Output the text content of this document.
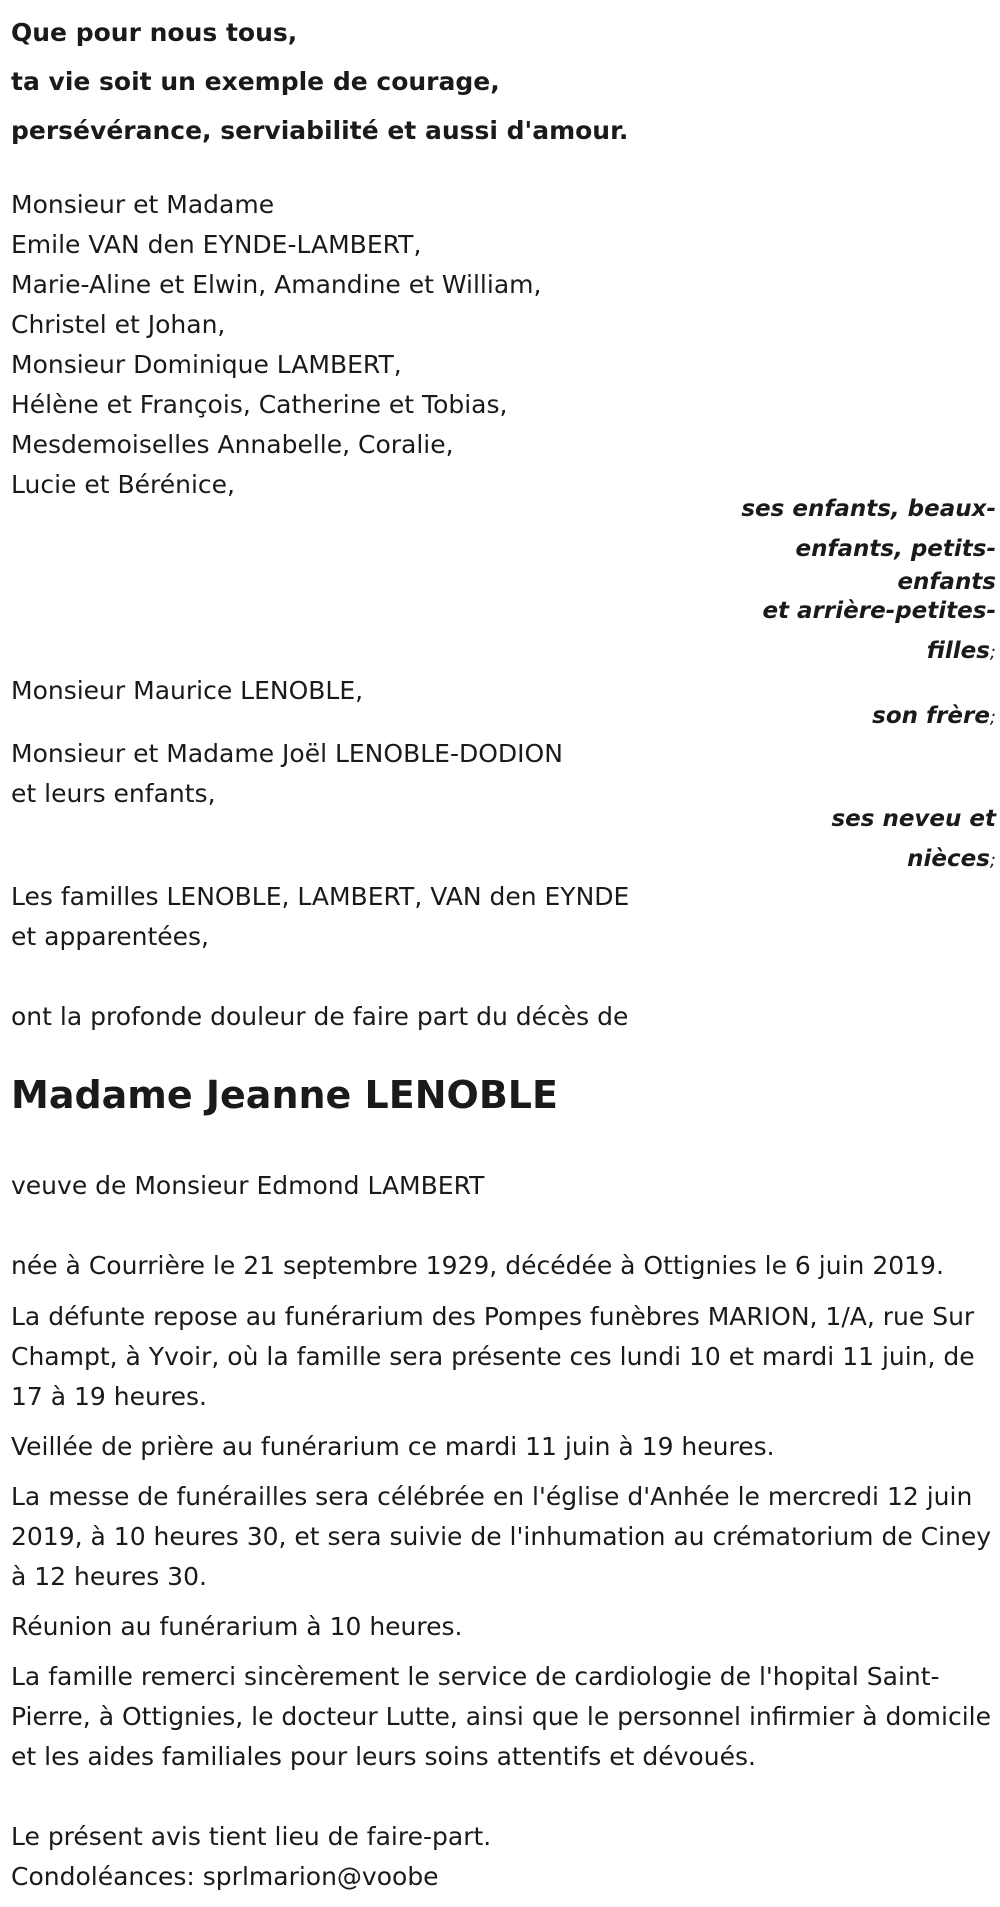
Que pour nous tous,
ta vie soit un exemple de courage,
persévérance, serviabilité et aussi d'amour.
Monsieur et Madame
Emile VAN den EYNDE-LAMBERT,
Marie-Aline et Elwin, Amandine et William,
Christel et Johan,
Monsieur Dominique LAMBERT,
Hélène et François, Catherine et Tobias,
Mesdemoiselles Annabelle, Coralie,
Lucie et Bérénice,
ses enfants, beaux-
enfants, petits-
enfants
et arrière-petites-
filles;
Monsieur Maurice LENOBLE,
son frère;
Monsieur et Madame Joël LENOBLE-DODION
et leurs enfants,
ses neveu et
nièces;
Les familles LENOBLE, LAMBERT, VAN den EYNDE
et apparentées,
ont la profonde douleur de faire part du décès de
Madame Jeanne LENOBLE
veuve de Monsieur Edmond LAMBERT
née à Courrière le 21 septembre 1929, décédée à Ottignies le 6 juin 2019.
La défunte repose au funérarium des Pompes funèbres MARION, 1/A, rue Sur Champt, à Yvoir, où la famille sera présente ces lundi 10 et mardi 11 juin, de 17 à 19 heures.
Veillée de prière au funérarium ce mardi 11 juin à 19 heures.
La messe de funérailles sera célébrée en l'église d'Anhée le mercredi 12 juin 2019, à 10 heures 30, et sera suivie de l'inhumation au crématorium de Ciney à 12 heures 30.
Réunion au funérarium à 10 heures.
La famille remerci sincèrement le service de cardiologie de l'hopital Saint-Pierre, à Ottignies, le docteur Lutte, ainsi que le personnel infirmier à domicile et les aides familiales pour leurs soins attentifs et dévoués.
Le présent avis tient lieu de faire-part.
Condoléances: sprlmarion@voobe
